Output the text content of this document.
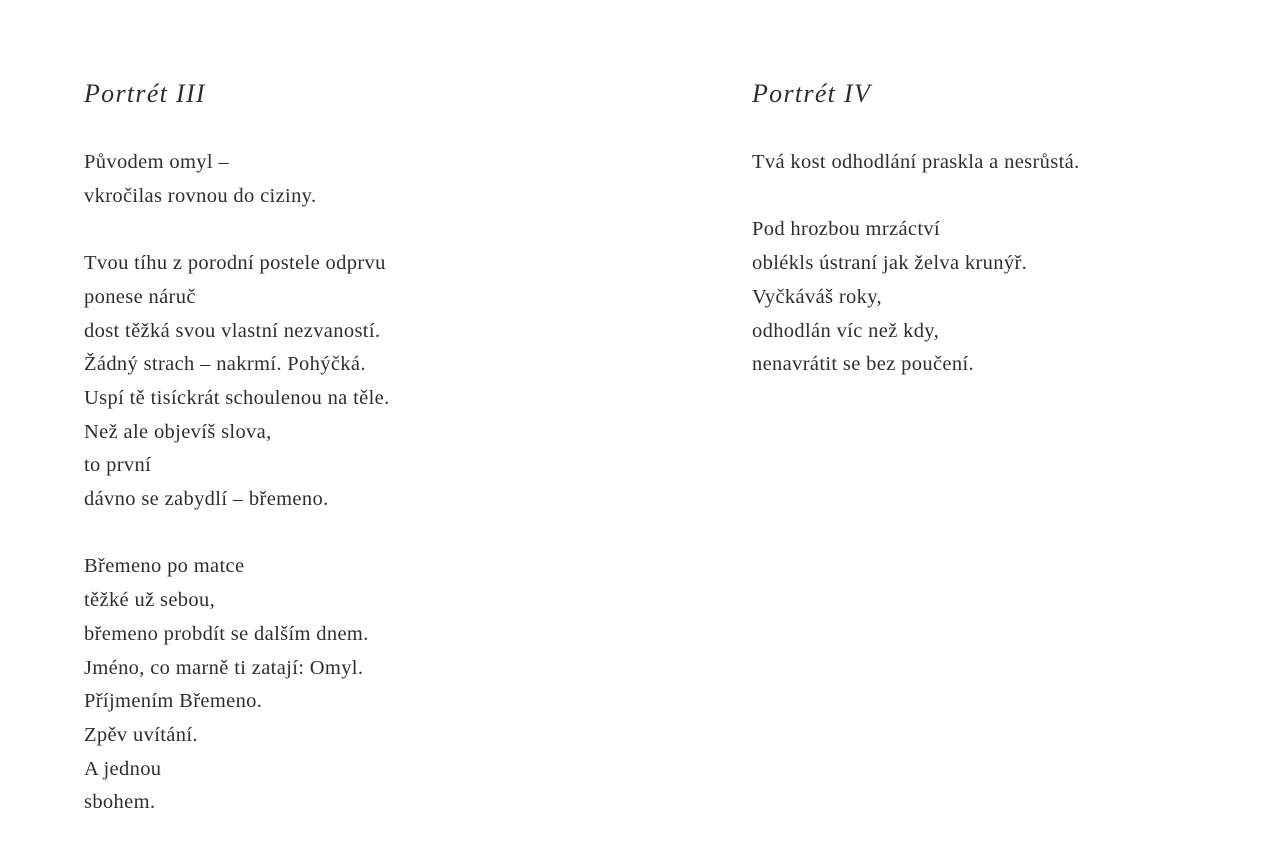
Portrét III
Původem omyl –
vkročilas rovnou do ciziny.
Tvou tíhu z porodní postele odprvu
ponese náruč
dost těžká svou vlastní nezvaností.
Žádný strach – nakrmí. Pohýčká.
Uspí tě tisíckrát schoulenou na těle.
Než ale objevíš slova,
to první
dávno se zabydlí – břemeno.
Břemeno po matce
těžké už sebou,
břemeno probdít se dalším dnem.
Jméno, co marně ti zatají: Omyl.
Příjmením Břemeno.
Zpěv uvítání.
A jednou
sbohem.
Portrét IV
Tvá kost odhodlání praskla a nesrůstá.
Pod hrozbou mrzáctví
oblékls ústraní jak želva krunýř.
Vyčkáváš roky,
odhodlán víc než kdy,
nenavrátit se bez poučení.
